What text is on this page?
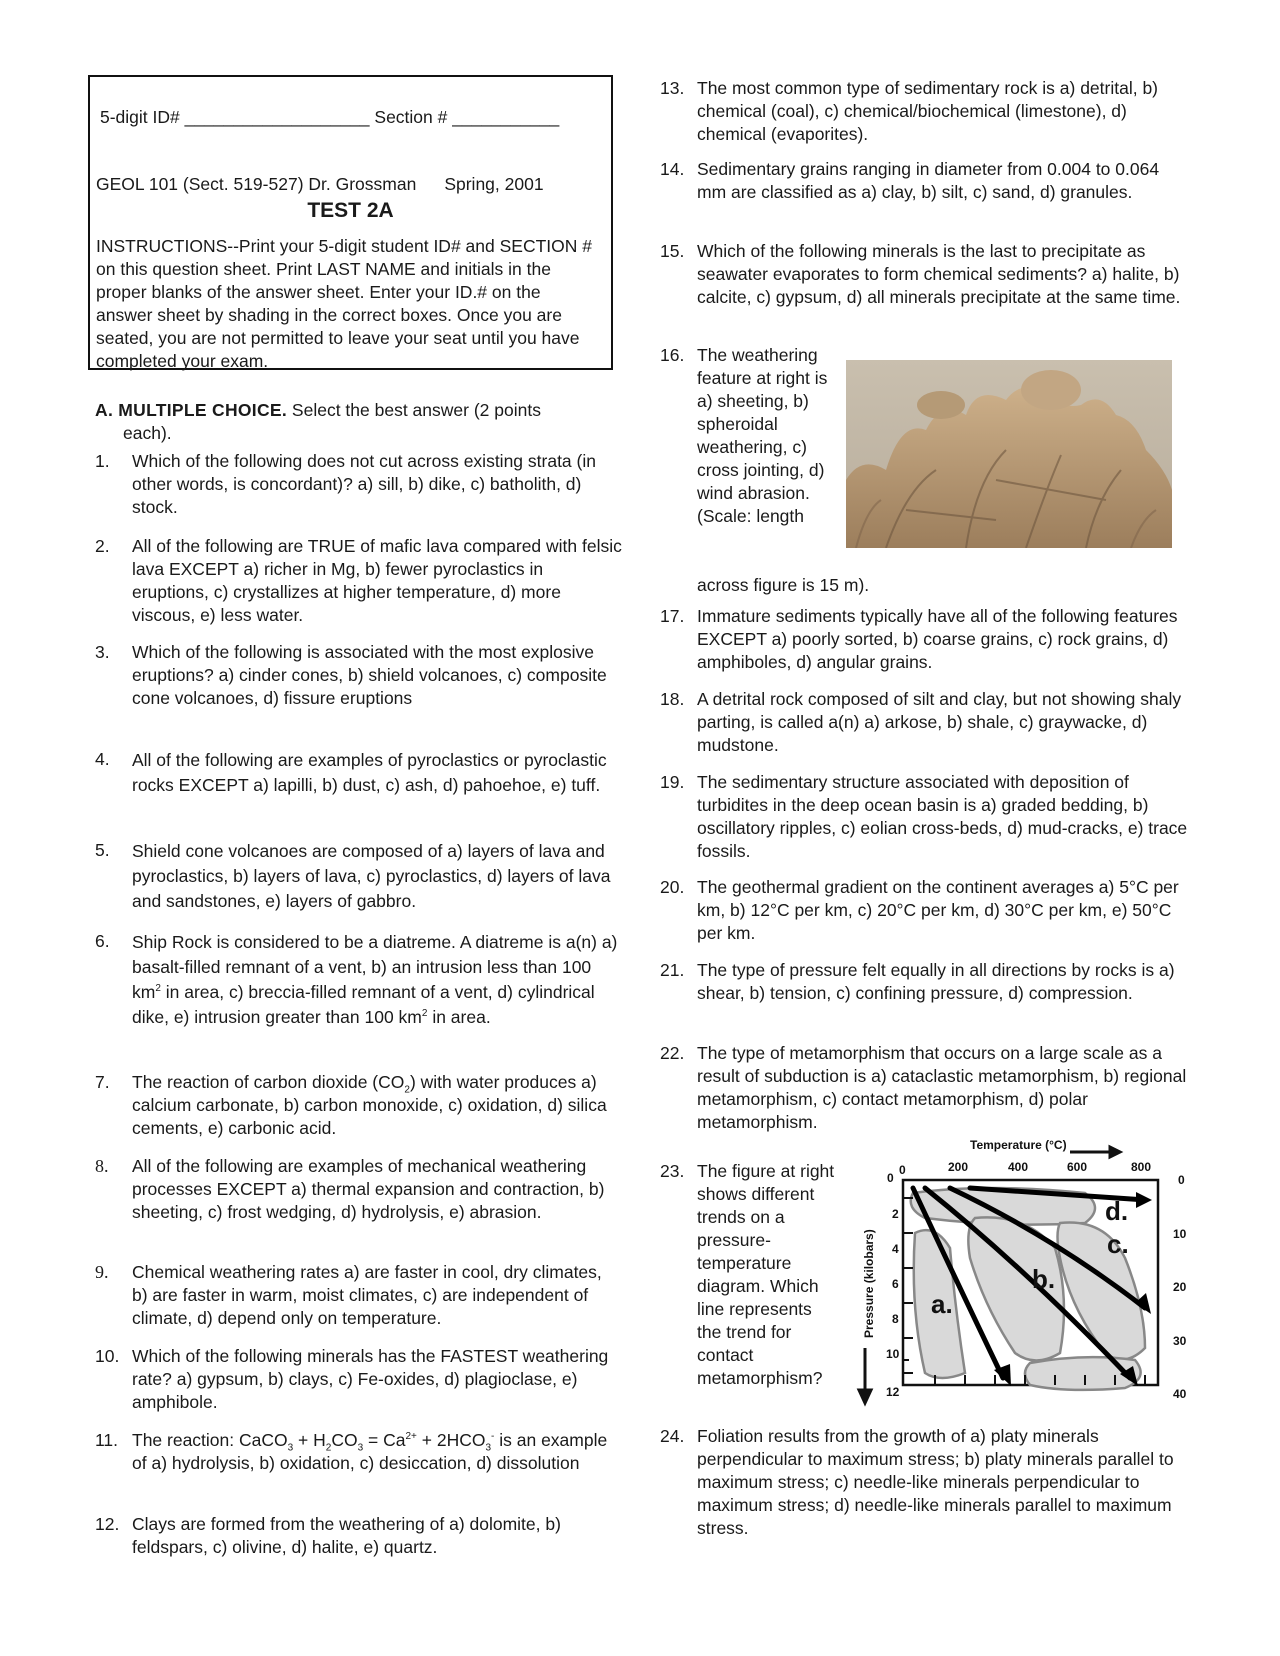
5-digit ID# ___________________ Section # ___________
GEOL 101 (Sect. 519-527) Dr. Grossman Spring, 2001
TEST 2A
INSTRUCTIONS--Print your 5-digit student ID# and SECTION # on this question sheet. Print LAST NAME and initials in the proper blanks of the answer sheet. Enter your ID.# on the answer sheet by shading in the correct boxes. Once you are seated, you are not permitted to leave your seat until you have completed your exam.
A. MULTIPLE CHOICE. Select the best answer (2 points
each).
1. Which of the following does not cut across existing strata (in other words, is concordant)? a) sill, b) dike, c) batholith, d) stock.
2. All of the following are TRUE of mafic lava compared with felsic lava EXCEPT a) richer in Mg, b) fewer pyroclastics in eruptions, c) crystallizes at higher temperature, d) more viscous, e) less water.
3. Which of the following is associated with the most explosive eruptions? a) cinder cones, b) shield volcanoes, c) composite cone volcanoes, d) fissure eruptions
4. All of the following are examples of pyroclastics or pyroclastic rocks EXCEPT a) lapilli, b) dust, c) ash, d) pahoehoe, e) tuff.
5. Shield cone volcanoes are composed of a) layers of lava and pyroclastics, b) layers of lava, c) pyroclastics, d) layers of lava and sandstones, e) layers of gabbro.
6. Ship Rock is considered to be a diatreme. A diatreme is a(n) a) basalt-filled remnant of a vent, b) an intrusion less than 100 $km^2$ in area, c) breccia-filled remnant of a vent, d) cylindrical dike, e) intrusion greater than 100 $km^2$ in area.
7. The reaction of carbon dioxide $(CO_2)$ with water produces a) calcium carbonate, b) carbon monoxide, c) oxidation, d) silica cements, e) carbonic acid.
8. All of the following are examples of mechanical weathering processes EXCEPT a) thermal expansion and contraction, b) sheeting, c) frost wedging, d) hydrolysis, e) abrasion.
9. Chemical weathering rates a) are faster in cool, dry climates, b) are faster in warm, moist climates, c) are independent of climate, d) depend only on temperature.
10. Which of the following minerals has the FASTEST weathering rate? a) gypsum, b) clays, c) Fe-oxides, d) plagioclase, e) amphibole.
11. The reaction: CaCO$_3$ + $H_2CO_3 = Ca^{2+} + 2HCO_3^-$ is an example of a) hydrolysis, b) oxidation, c) desiccation, d) dissolution
12. Clays are formed from the weathering of a) dolomite, b) feldspars, c) olivine, d) halite, e) quartz.
13. The most common type of sedimentary rock is a) detrital, b) chemical (coal), c) chemical/biochemical (limestone), d) chemical (evaporites).
14. Sedimentary grains ranging in diameter from 0.004 to 0.064 mm are classified as a) clay, b) silt, c) sand, d) granules.
15. Which of the following minerals is the last to precipitate as seawater evaporates to form chemical sediments? a) halite, b) calcite, c) gypsum, d) all minerals precipitate at the same time.
16. The weathering feature at right is a) sheeting, b) spheroidal weathering, c) cross jointing, d) wind abrasion. (Scale: length
across figure is 15 m).
17. Immature sediments typically have all of the following features EXCEPT a) poorly sorted, b) coarse grains, c) rock grains, d) amphiboles, d) angular grains.
18. A detrital rock composed of silt and clay, but not showing shaly parting, is called a(n) a) arkose, b) shale, c) graywacke, d) mudstone.
19. The sedimentary structure associated with deposition of turbidites in the deep ocean basin is a) graded bedding, b) oscillatory ripples, c) eolian cross-beds, d) mud-cracks, e) trace fossils.
20. The geothermal gradient on the continent averages a) 5°C per km, b) 12°C per km, c) 20°C per km, d) 30°C per km, e) 50°C per km.
21. The type of pressure felt equally in all directions by rocks is a) shear, b) tension, c) confining pressure, d) compression.
22. The type of metamorphism that occurs on a large scale as a result of subduction is a) cataclastic metamorphism, b) regional metamorphism, c) contact metamorphism, d) polar metamorphism.
23. The figure at right shows different trends on a pressure-temperature diagram. Which line represents the trend for contact metamorphism?
Temperature (°C)
0	200	400	600	800
0
2
4
6
8
10
12
0
10
20
30
40
Pressure (kilobars) a.
b.
c.
d.
24. Foliation results from the growth of a) platy minerals perpendicular to maximum stress; b) platy minerals parallel to maximum stress; c) needle-like minerals perpendicular to maximum stress; d) needle-like minerals parallel to maximum stress.
